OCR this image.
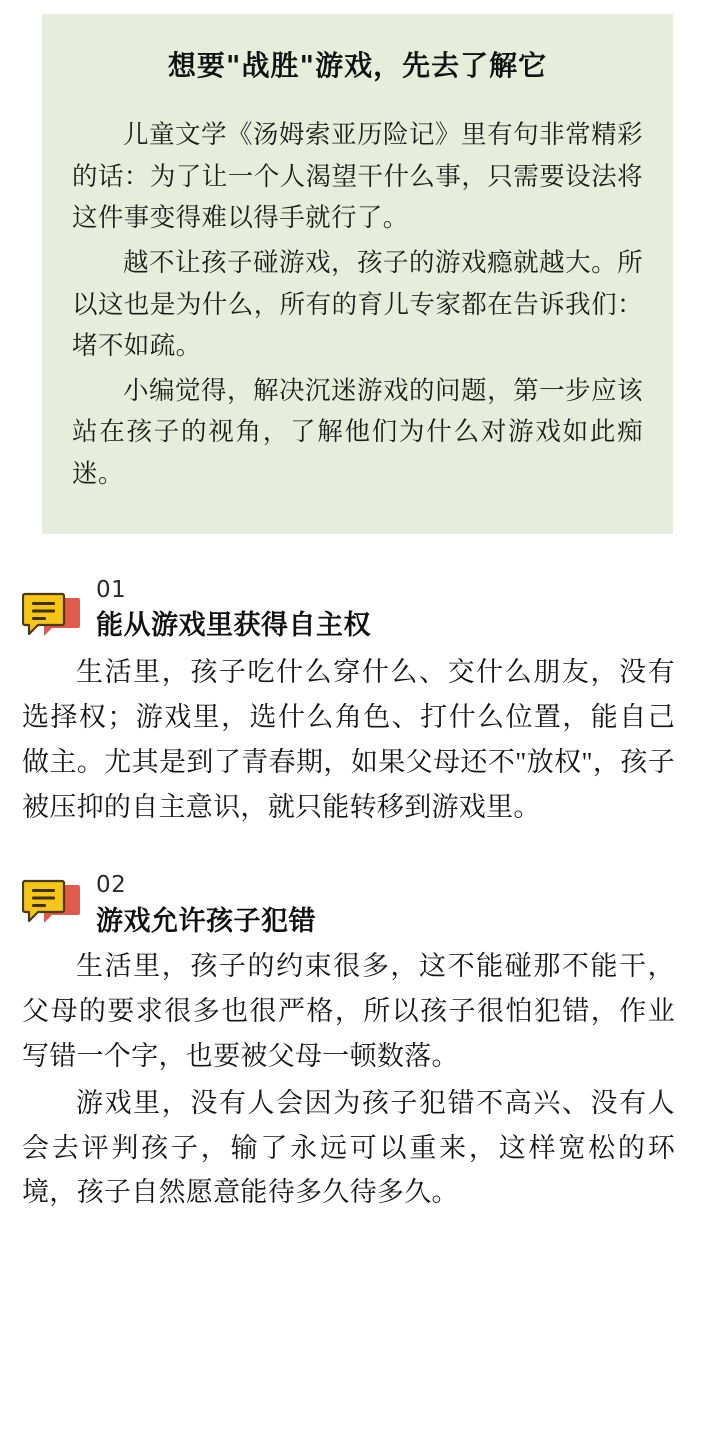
想要"战胜"游戏，先去了解它

儿童文学《汤姆索亚历险记》里有句非常精彩的话：为了让一个人渴望干什么事，只需要设法将这件事变得难以得手就行了。

越不让孩子碰游戏，孩子的游戏瘾就越大。所以这也是为什么，所有的育儿专家都在告诉我们：堵不如疏。

小编觉得，解决沉迷游戏的问题，第一步应该站在孩子的视角，了解他们为什么对游戏如此痴迷。

01
能从游戏里获得自主权

生活里，孩子吃什么穿什么、交什么朋友，没有选择权；游戏里，选什么角色、打什么位置，能自己做主。尤其是到了青春期，如果父母还不"放权"，孩子被压抑的自主意识，就只能转移到游戏里。

02
游戏允许孩子犯错

生活里，孩子的约束很多，这不能碰那不能干，父母的要求很多也很严格，所以孩子很怕犯错，作业写错一个字，也要被父母一顿数落。

游戏里，没有人会因为孩子犯错不高兴、没有人会去评判孩子，输了永远可以重来，这样宽松的环境，孩子自然愿意能待多久待多久。
